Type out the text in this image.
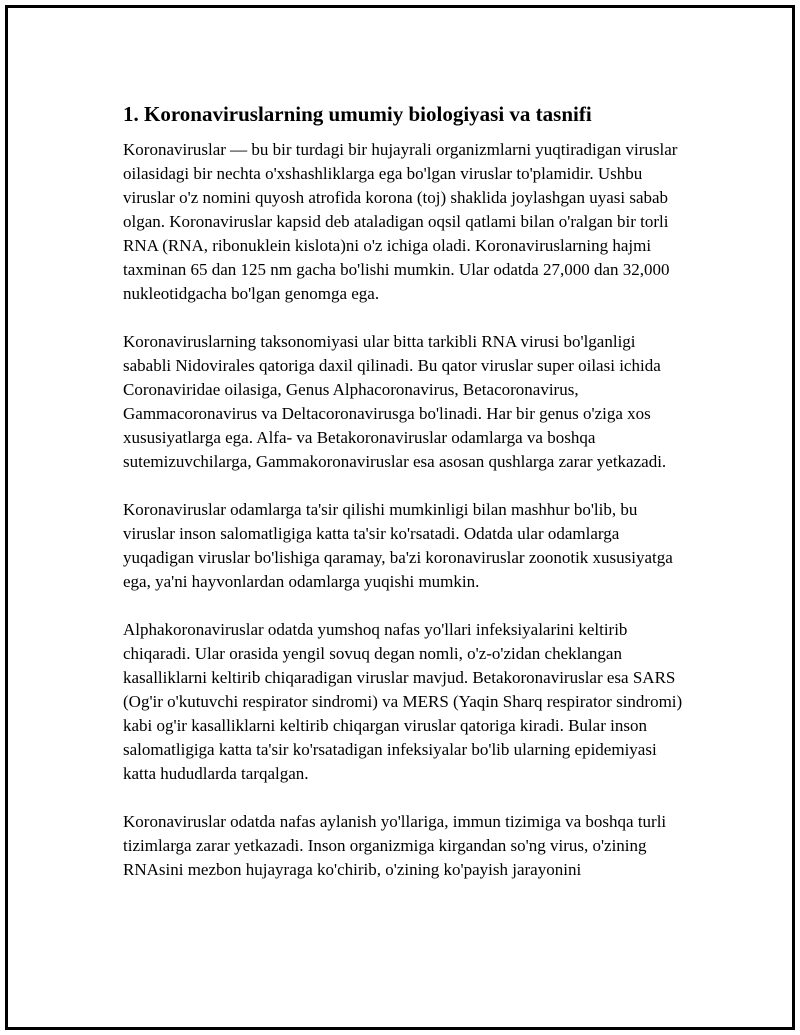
1. Koronaviruslarning umumiy biologiyasi va tasnifi

Koronaviruslar — bu bir turdagi bir hujayrali organizmlarni yuqtiradigan viruslar oilasidagi bir nechta o'xshashliklarga ega bo'lgan viruslar to'plamidir. Ushbu viruslar o'z nomini quyosh atrofida korona (toj) shaklida joylashgan uyasi sabab olgan. Koronaviruslar kapsid deb ataladigan oqsil qatlami bilan o'ralgan bir torli RNA (RNA, ribonuklein kislota)ni o'z ichiga oladi. Koronaviruslarning hajmi taxminan 65 dan 125 nm gacha bo'lishi mumkin. Ular odatda 27,000 dan 32,000 nukleotidgacha bo'lgan genomga ega.

Koronaviruslarning taksonomiyasi ular bitta tarkibli RNA virusi bo'lganligi sababli Nidovirales qatoriga daxil qilinadi. Bu qator viruslar super oilasi ichida Coronaviridae oilasiga, Genus Alphacoronavirus, Betacoronavirus, Gammacoronavirus va Deltacoronavirusga bo'linadi. Har bir genus o'ziga xos xususiyatlarga ega. Alfa- va Betakoronaviruslar odamlarga va boshqa sutemizuvchilarga, Gammakoronaviruslar esa asosan qushlarga zarar yetkazadi.

Koronaviruslar odamlarga ta'sir qilishi mumkinligi bilan mashhur bo'lib, bu viruslar inson salomatligiga katta ta'sir ko'rsatadi. Odatda ular odamlarga yuqadigan viruslar bo'lishiga qaramay, ba'zi koronaviruslar zoonotik xususiyatga ega, ya'ni hayvonlardan odamlarga yuqishi mumkin.

Alphakoronaviruslar odatda yumshoq nafas yo'llari infeksiyalarini keltirib chiqaradi. Ular orasida yengil sovuq degan nomli, o'z-o'zidan cheklangan kasalliklarni keltirib chiqaradigan viruslar mavjud. Betakoronaviruslar esa SARS (Og'ir o'kutuvchi respirator sindromi) va MERS (Yaqin Sharq respirator sindromi) kabi og'ir kasalliklarni keltirib chiqargan viruslar qatoriga kiradi. Bular inson salomatligiga katta ta'sir ko'rsatadigan infeksiyalar bo'lib ularning epidemiyasi katta hududlarda tarqalgan.

Koronaviruslar odatda nafas aylanish yo'llariga, immun tizimiga va boshqa turli tizimlarga zarar yetkazadi. Inson organizmiga kirgandan so'ng virus, o'zining RNAsini mezbon hujayraga ko'chirib, o'zining ko'payish jarayonini
